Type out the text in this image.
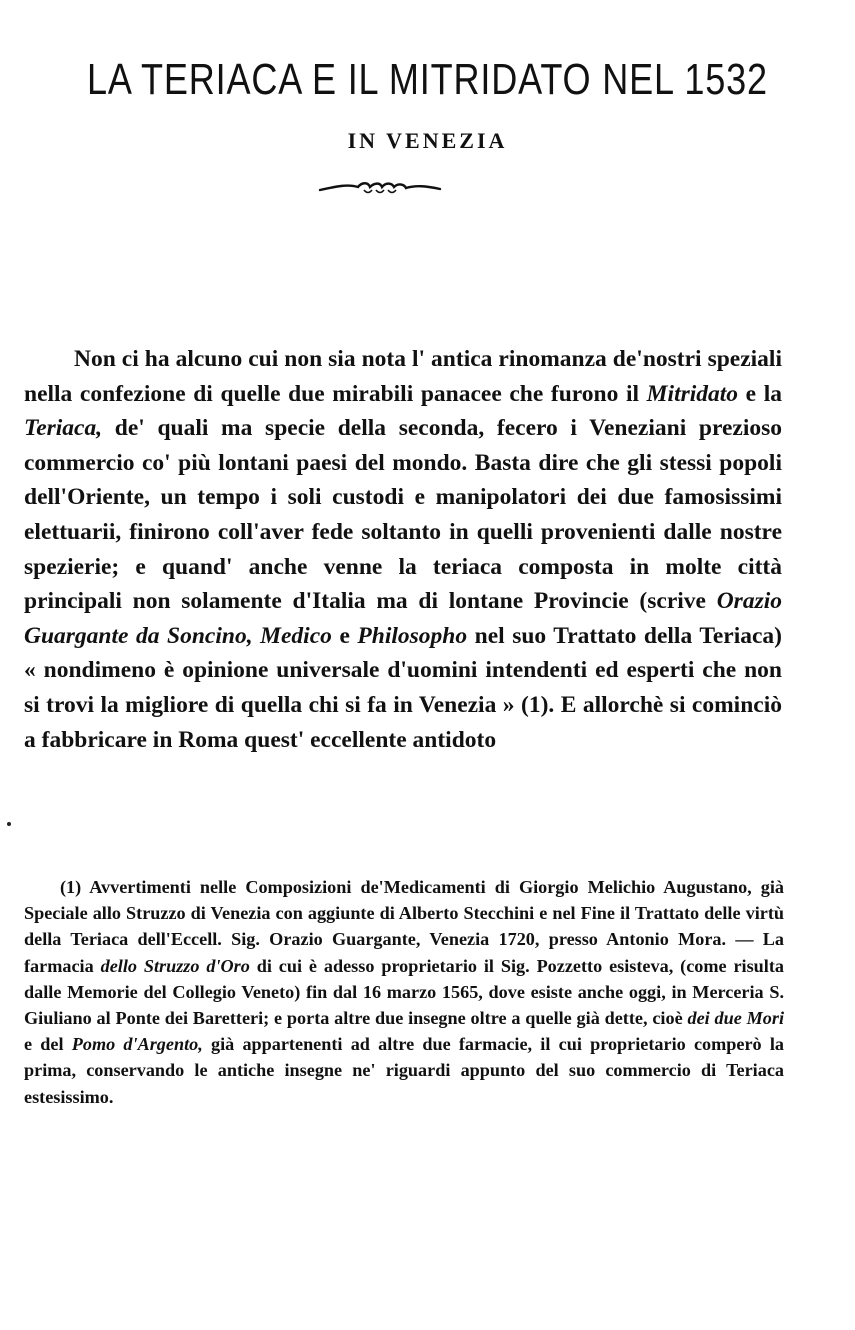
LA TERIACA E IL MITRIDATO NEL 1532
IN VENEZIA

Non ci ha alcuno cui non sia nota l' antica rinomanza de'nostri speziali nella confezione di quelle due mirabili panacee che furono il Mitridato e la Teriaca, de' quali ma specie della seconda, fecero i Veneziani prezioso commercio co' più lontani paesi del mondo. Basta dire che gli stessi popoli dell'Oriente, un tempo i soli custodi e manipolatori dei due famosissimi elettuarii, finirono coll'aver fede soltanto in quelli provenienti dalle nostre spezierie; e quand' anche venne la teriaca composta in molte città principali non solamente d'Italia ma di lontane Provincie (scrive Orazio Guargante da Soncino, Medico e Philosopho nel suo Trattato della Teriaca) « nondimeno è opinione universale d'uomini intendenti ed esperti che non si trovi la migliore di quella chi si fa in Venezia » (1). E allorchè si cominciò a fabbricare in Roma quest' eccellente antidoto

(1) Avvertimenti nelle Composizioni de'Medicamenti di Giorgio Melichio Augustano, già Speciale allo Struzzo di Venezia con aggiunte di Alberto Stecchini e nel Fine il Trattato delle virtù della Teriaca dell'Eccell. Sig. Orazio Guargante, Venezia 1720, presso Antonio Mora. — La farmacia dello Struzzo d'Oro di cui è adesso proprietario il Sig. Pozzetto esisteva, (come risulta dalle Memorie del Collegio Veneto) fin dal 16 marzo 1565, dove esiste anche oggi, in Merceria S. Giuliano al Ponte dei Baretteri; e porta altre due insegne oltre a quelle già dette, cioè dei due Mori e del Pomo d'Argento, già appartenenti ad altre due farmacie, il cui proprietario comperò la prima, conservando le antiche insegne ne' riguardi appunto del suo commercio di Teriaca estesissimo.
